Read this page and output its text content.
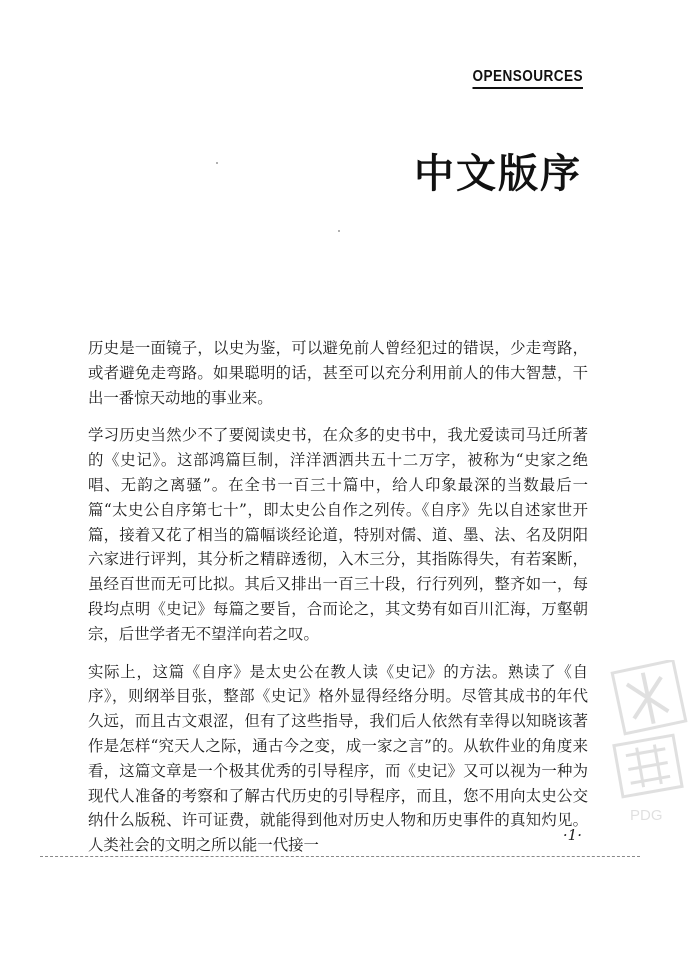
OPENSOURCES
中文版序

历史是一面镜子，以史为鉴，可以避免前人曾经犯过的错误，少走弯路，或者避免走弯路。如果聪明的话，甚至可以充分利用前人的伟大智慧，干出一番惊天动地的事业来。

学习历史当然少不了要阅读史书，在众多的史书中，我尤爱读司马迁所著的《史记》。这部鸿篇巨制，洋洋洒洒共五十二万字，被称为“史家之绝唱、无韵之离骚”。在全书一百三十篇中，给人印象最深的当数最后一篇“太史公自序第七十”，即太史公自作之列传。《自序》先以自述家世开篇，接着又花了相当的篇幅谈经论道，特别对儒、道、墨、法、名及阴阳六家进行评判，其分析之精辟透彻，入木三分，其指陈得失，有若案断，虽经百世而无可比拟。其后又排出一百三十段，行行列列，整齐如一，每段均点明《史记》每篇之要旨，合而论之，其文势有如百川汇海，万壑朝宗，后世学者无不望洋向若之叹。

实际上，这篇《自序》是太史公在教人读《史记》的方法。熟读了《自序》，则纲举目张，整部《史记》格外显得经络分明。尽管其成书的年代久远，而且古文艰涩，但有了这些指导，我们后人依然有幸得以知晓该著作是怎样“究天人之际，通古今之变，成一家之言”的。从软件业的角度来看，这篇文章是一个极其优秀的引导程序，而《史记》又可以视为一种为现代人准备的考察和了解古代历史的引导程序，而且，您不用向太史公交纳什么版税、许可证费，就能得到他对历史人物和历史事件的真知灼见。人类社会的文明之所以能一代接一

PDG
·1·
